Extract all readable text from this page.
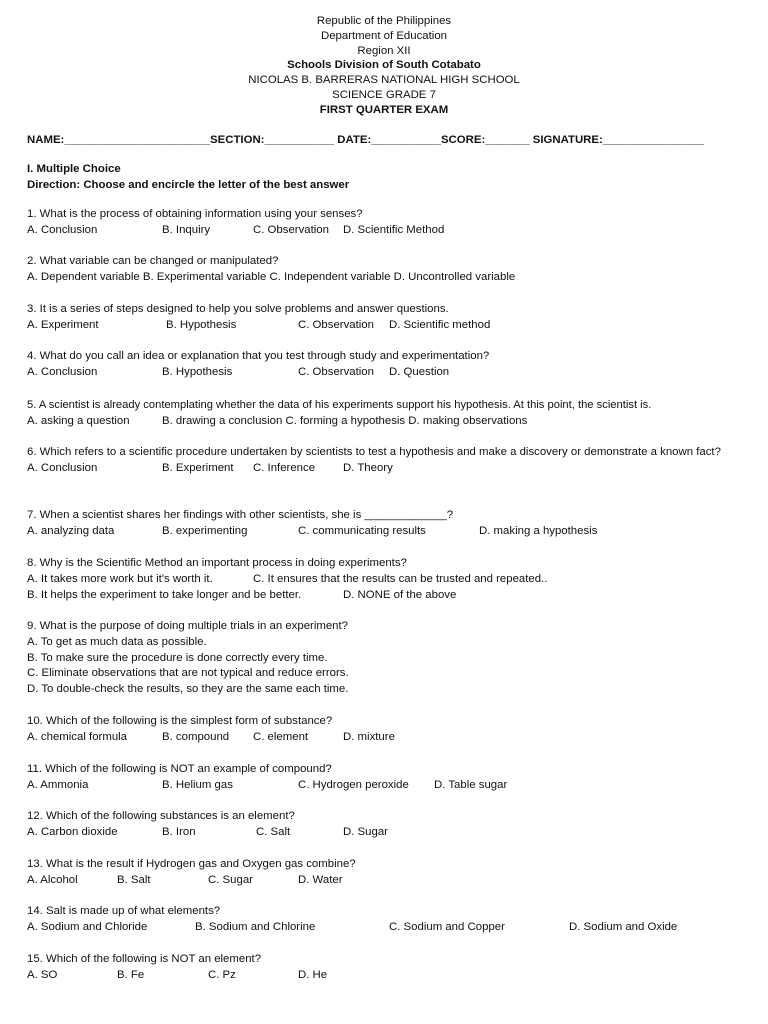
Republic of the Philippines
Department of Education
Region XII
Schools Division of South Cotabato
NICOLAS B. BARRERAS NATIONAL HIGH SCHOOL
SCIENCE GRADE 7
FIRST QUARTER EXAM
NAME:_______________________SECTION:___________ DATE:___________SCORE:_______ SIGNATURE:________________
I. Multiple Choice
Direction: Choose and encircle the letter of the best answer
1. What is the process of obtaining information using your senses?
A. Conclusion	B. Inquiry	C. Observation D. Scientific Method
2. What variable can be changed or manipulated?
A. Dependent variable B. Experimental variable C. Independent variable D. Uncontrolled variable
3. It is a series of steps designed to help you solve problems and answer questions.
A. Experiment	B. Hypothesis	C. Observation D. Scientific method
4. What do you call an idea or explanation that you test through study and experimentation?
A. Conclusion	B. Hypothesis	C. Observation D. Question
5. A scientist is already contemplating whether the data of his experiments support his hypothesis. At this point, the scientist is.
A. asking a question	B. drawing a conclusion C. forming a hypothesis D. making observations
6. Which refers to a scientific procedure undertaken by scientists to test a hypothesis and make a discovery or demonstrate a known fact?
A. Conclusion	B. Experiment C. Inference D. Theory
7. When a scientist shares her findings with other scientists, she is _____________?
A. analyzing data	B. experimenting	C. communicating results	D. making a hypothesis
8. Why is the Scientific Method an important process in doing experiments?
A. It takes more work but it's worth it.	C. It ensures that the results can be trusted and repeated..
B. It helps the experiment to take longer and be better.	D. NONE of the above
9. What is the purpose of doing multiple trials in an experiment?
A. To get as much data as possible.
B. To make sure the procedure is done correctly every time.
C. Eliminate observations that are not typical and reduce errors.
D. To double-check the results, so they are the same each time.
10. Which of the following is the simplest form of substance?
A. chemical formula	B. compound C. element	D. mixture
11. Which of the following is NOT an example of compound?
A. Ammonia	B. Helium gas	C. Hydrogen peroxide D. Table sugar
12. Which of the following substances is an element?
A. Carbon dioxide	B. Iron	C. Salt	D. Sugar
13. What is the result if Hydrogen gas and Oxygen gas combine?
A. Alcohol	B. Salt	C. Sugar	D. Water
14. Salt is made up of what elements?
A. Sodium and Chloride	B. Sodium and Chlorine	C. Sodium and Copper	D. Sodium and Oxide
15. Which of the following is NOT an element?
A. SO	B. Fe	C. Pz	D. He
